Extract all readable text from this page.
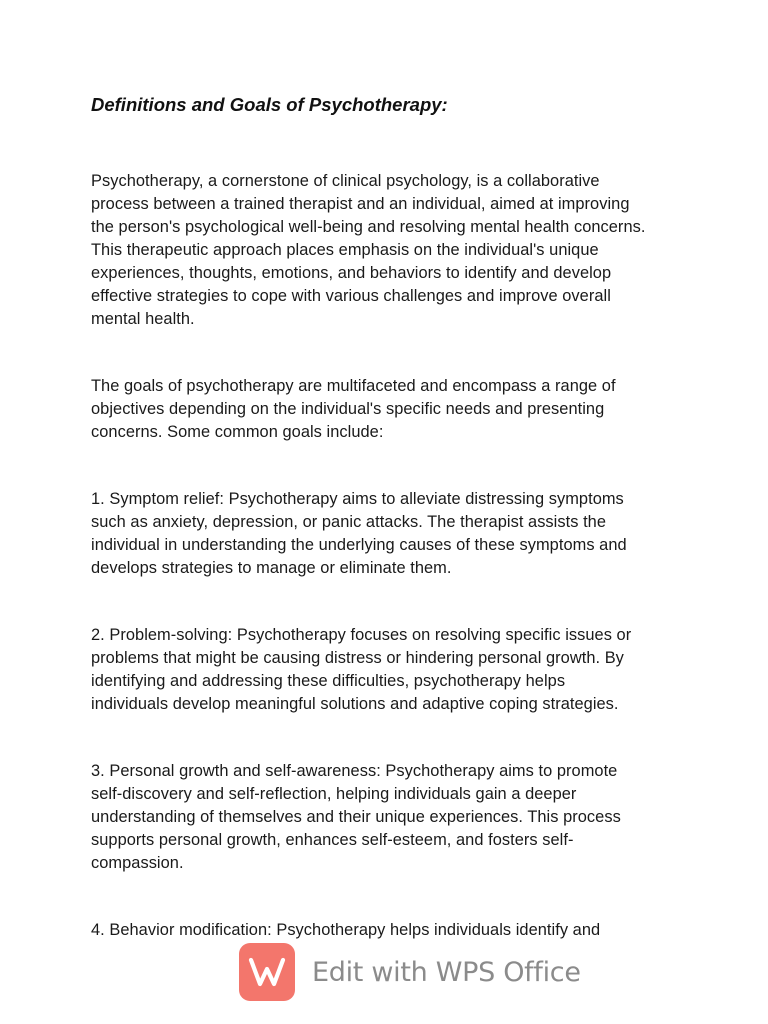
Definitions and Goals of Psychotherapy:

Psychotherapy, a cornerstone of clinical psychology, is a collaborative
process between a trained therapist and an individual, aimed at improving
the person's psychological well-being and resolving mental health concerns.
This therapeutic approach places emphasis on the individual's unique
experiences, thoughts, emotions, and behaviors to identify and develop
effective strategies to cope with various challenges and improve overall
mental health.

The goals of psychotherapy are multifaceted and encompass a range of
objectives depending on the individual's specific needs and presenting
concerns. Some common goals include:

1. Symptom relief: Psychotherapy aims to alleviate distressing symptoms
such as anxiety, depression, or panic attacks. The therapist assists the
individual in understanding the underlying causes of these symptoms and
develops strategies to manage or eliminate them.

2. Problem-solving: Psychotherapy focuses on resolving specific issues or
problems that might be causing distress or hindering personal growth. By
identifying and addressing these difficulties, psychotherapy helps
individuals develop meaningful solutions and adaptive coping strategies.

3. Personal growth and self-awareness: Psychotherapy aims to promote
self-discovery and self-reflection, helping individuals gain a deeper
understanding of themselves and their unique experiences. This process
supports personal growth, enhances self-esteem, and fosters self-
compassion.

4. Behavior modification: Psychotherapy helps individuals identify and

Edit with WPS Office
